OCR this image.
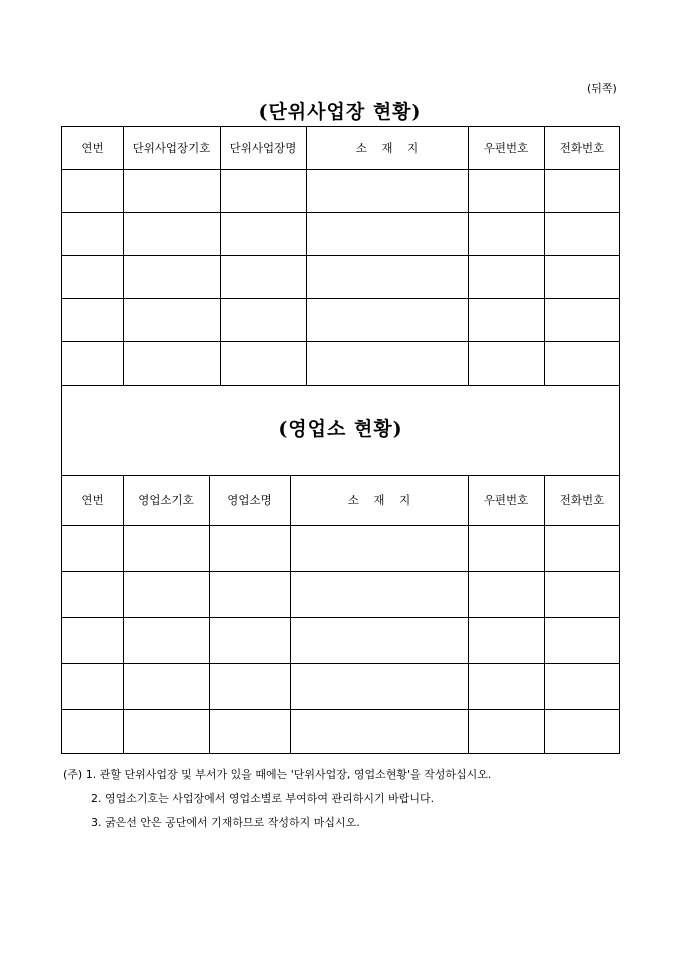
(뒤쪽)
(단위사업장 현황)
연번	단위사업장기호	단위사업장명	소    재    지	우편번호	전화번호
(영업소 현황)
연번	영업소기호	영업소명	소    재    지	우편번호	전화번호
(주) 1. 관할 단위사업장 및 부서가 있을 때에는 '단위사업장, 영업소현황'을 작성하십시오.
2. 영업소기호는 사업장에서 영업소별로 부여하여 관리하시기 바랍니다.
3. 굵은선 안은 공단에서 기재하므로 작성하지 마십시오.
